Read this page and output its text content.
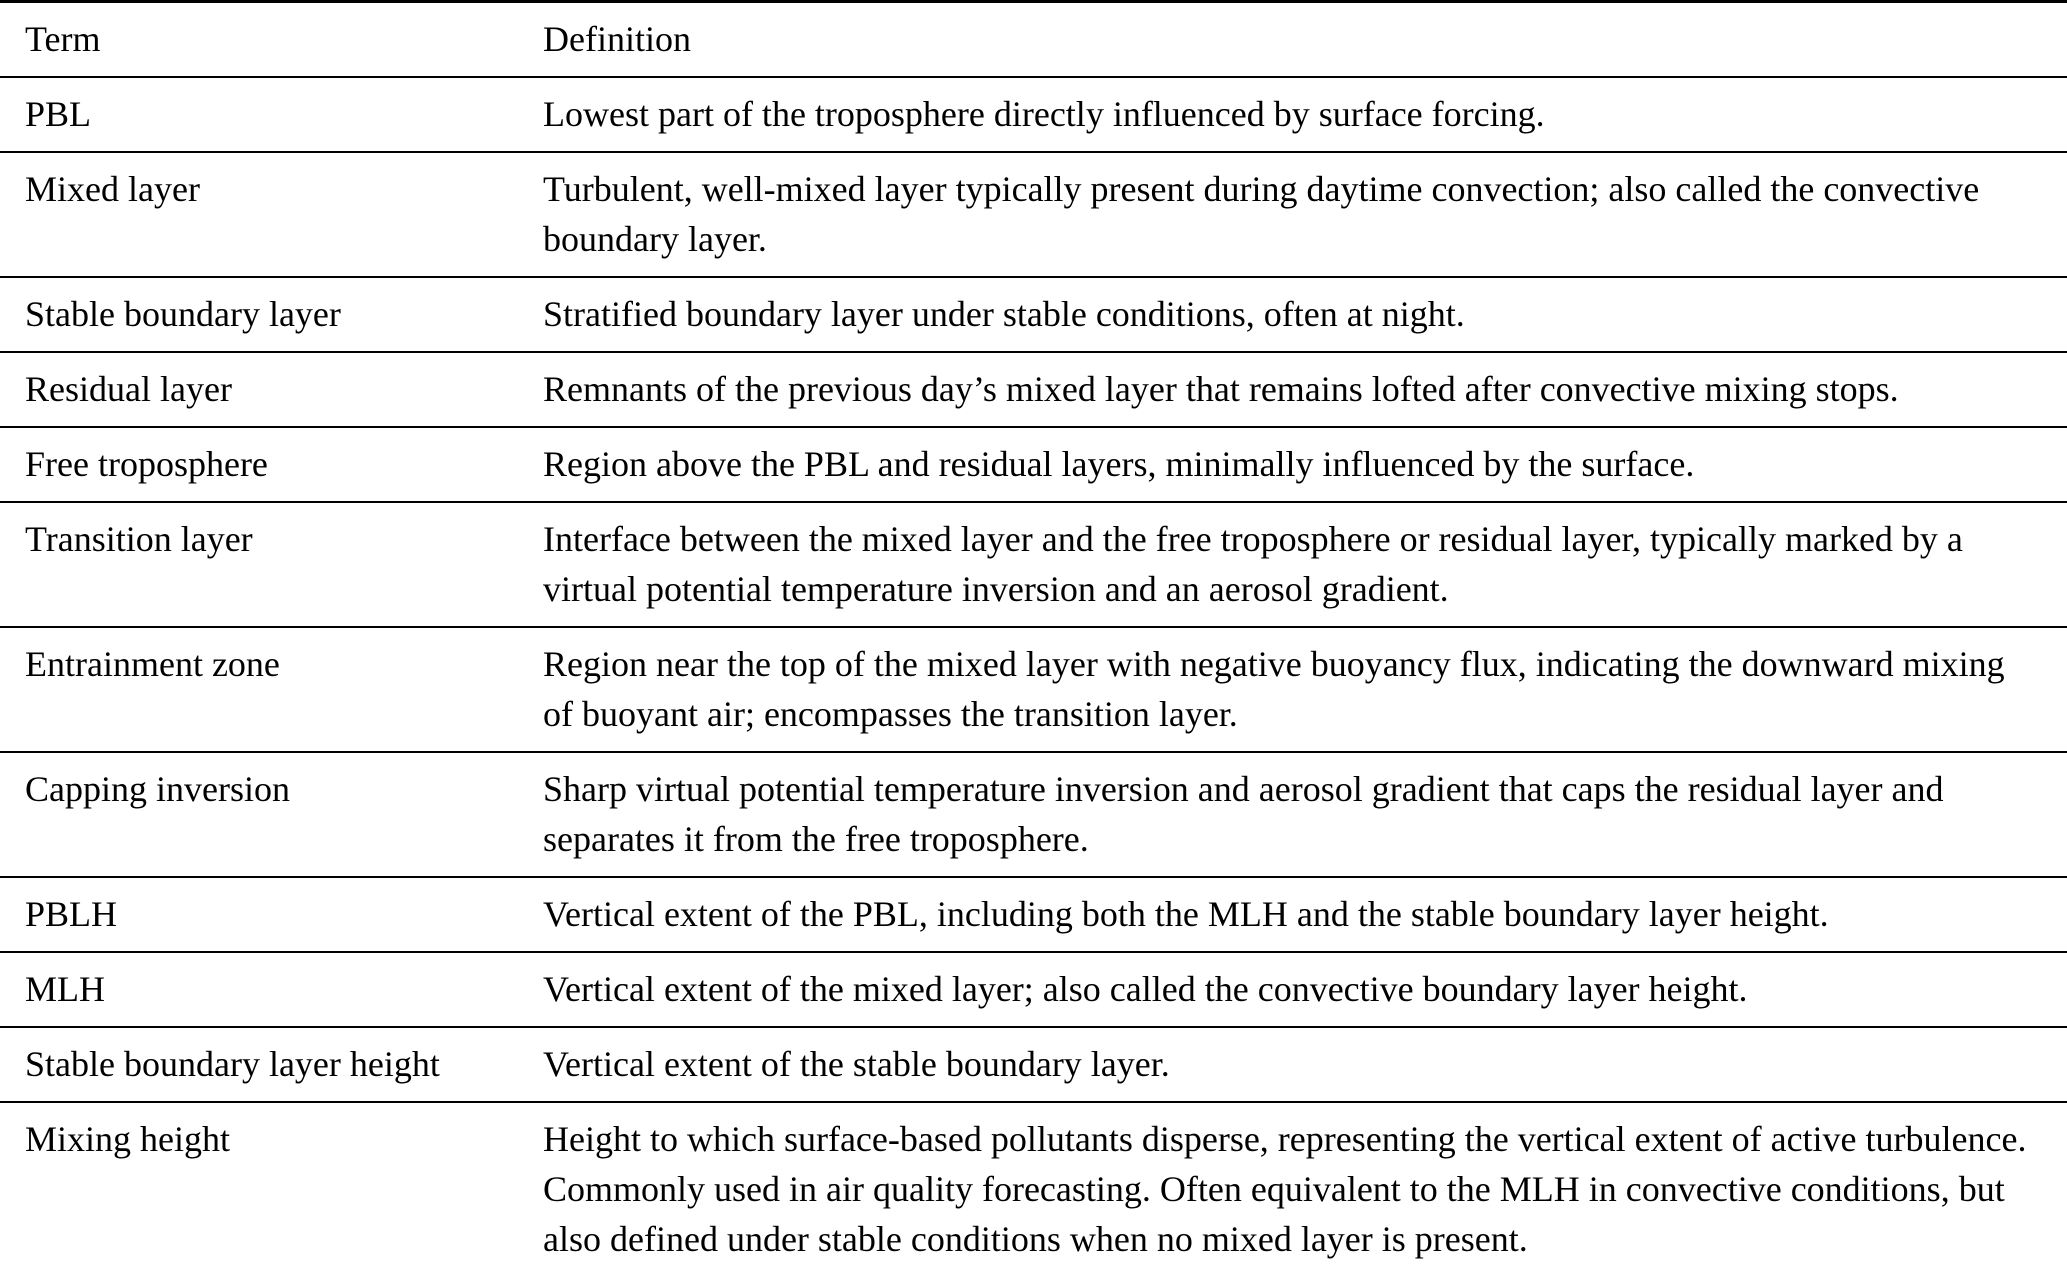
Term	Definition
PBL	Lowest part of the troposphere directly influenced by surface forcing.
Mixed layer	Turbulent, well-mixed layer typically present during daytime convection; also called the convective boundary layer.
Stable boundary layer	Stratified boundary layer under stable conditions, often at night.
Residual layer	Remnants of the previous day’s mixed layer that remains lofted after convective mixing stops.
Free troposphere	Region above the PBL and residual layers, minimally influenced by the surface.
Transition layer	Interface between the mixed layer and the free troposphere or residual layer, typically marked by a virtual potential temperature inversion and an aerosol gradient.
Entrainment zone	Region near the top of the mixed layer with negative buoyancy flux, indicating the downward mixing of buoyant air; encompasses the transition layer.
Capping inversion	Sharp virtual potential temperature inversion and aerosol gradient that caps the residual layer and separates it from the free troposphere.
PBLH	Vertical extent of the PBL, including both the MLH and the stable boundary layer height.
MLH	Vertical extent of the mixed layer; also called the convective boundary layer height.
Stable boundary layer height	Vertical extent of the stable boundary layer.
Mixing height	Height to which surface-based pollutants disperse, representing the vertical extent of active turbulence. Commonly used in air quality forecasting. Often equivalent to the MLH in convective conditions, but also defined under stable conditions when no mixed layer is present.
